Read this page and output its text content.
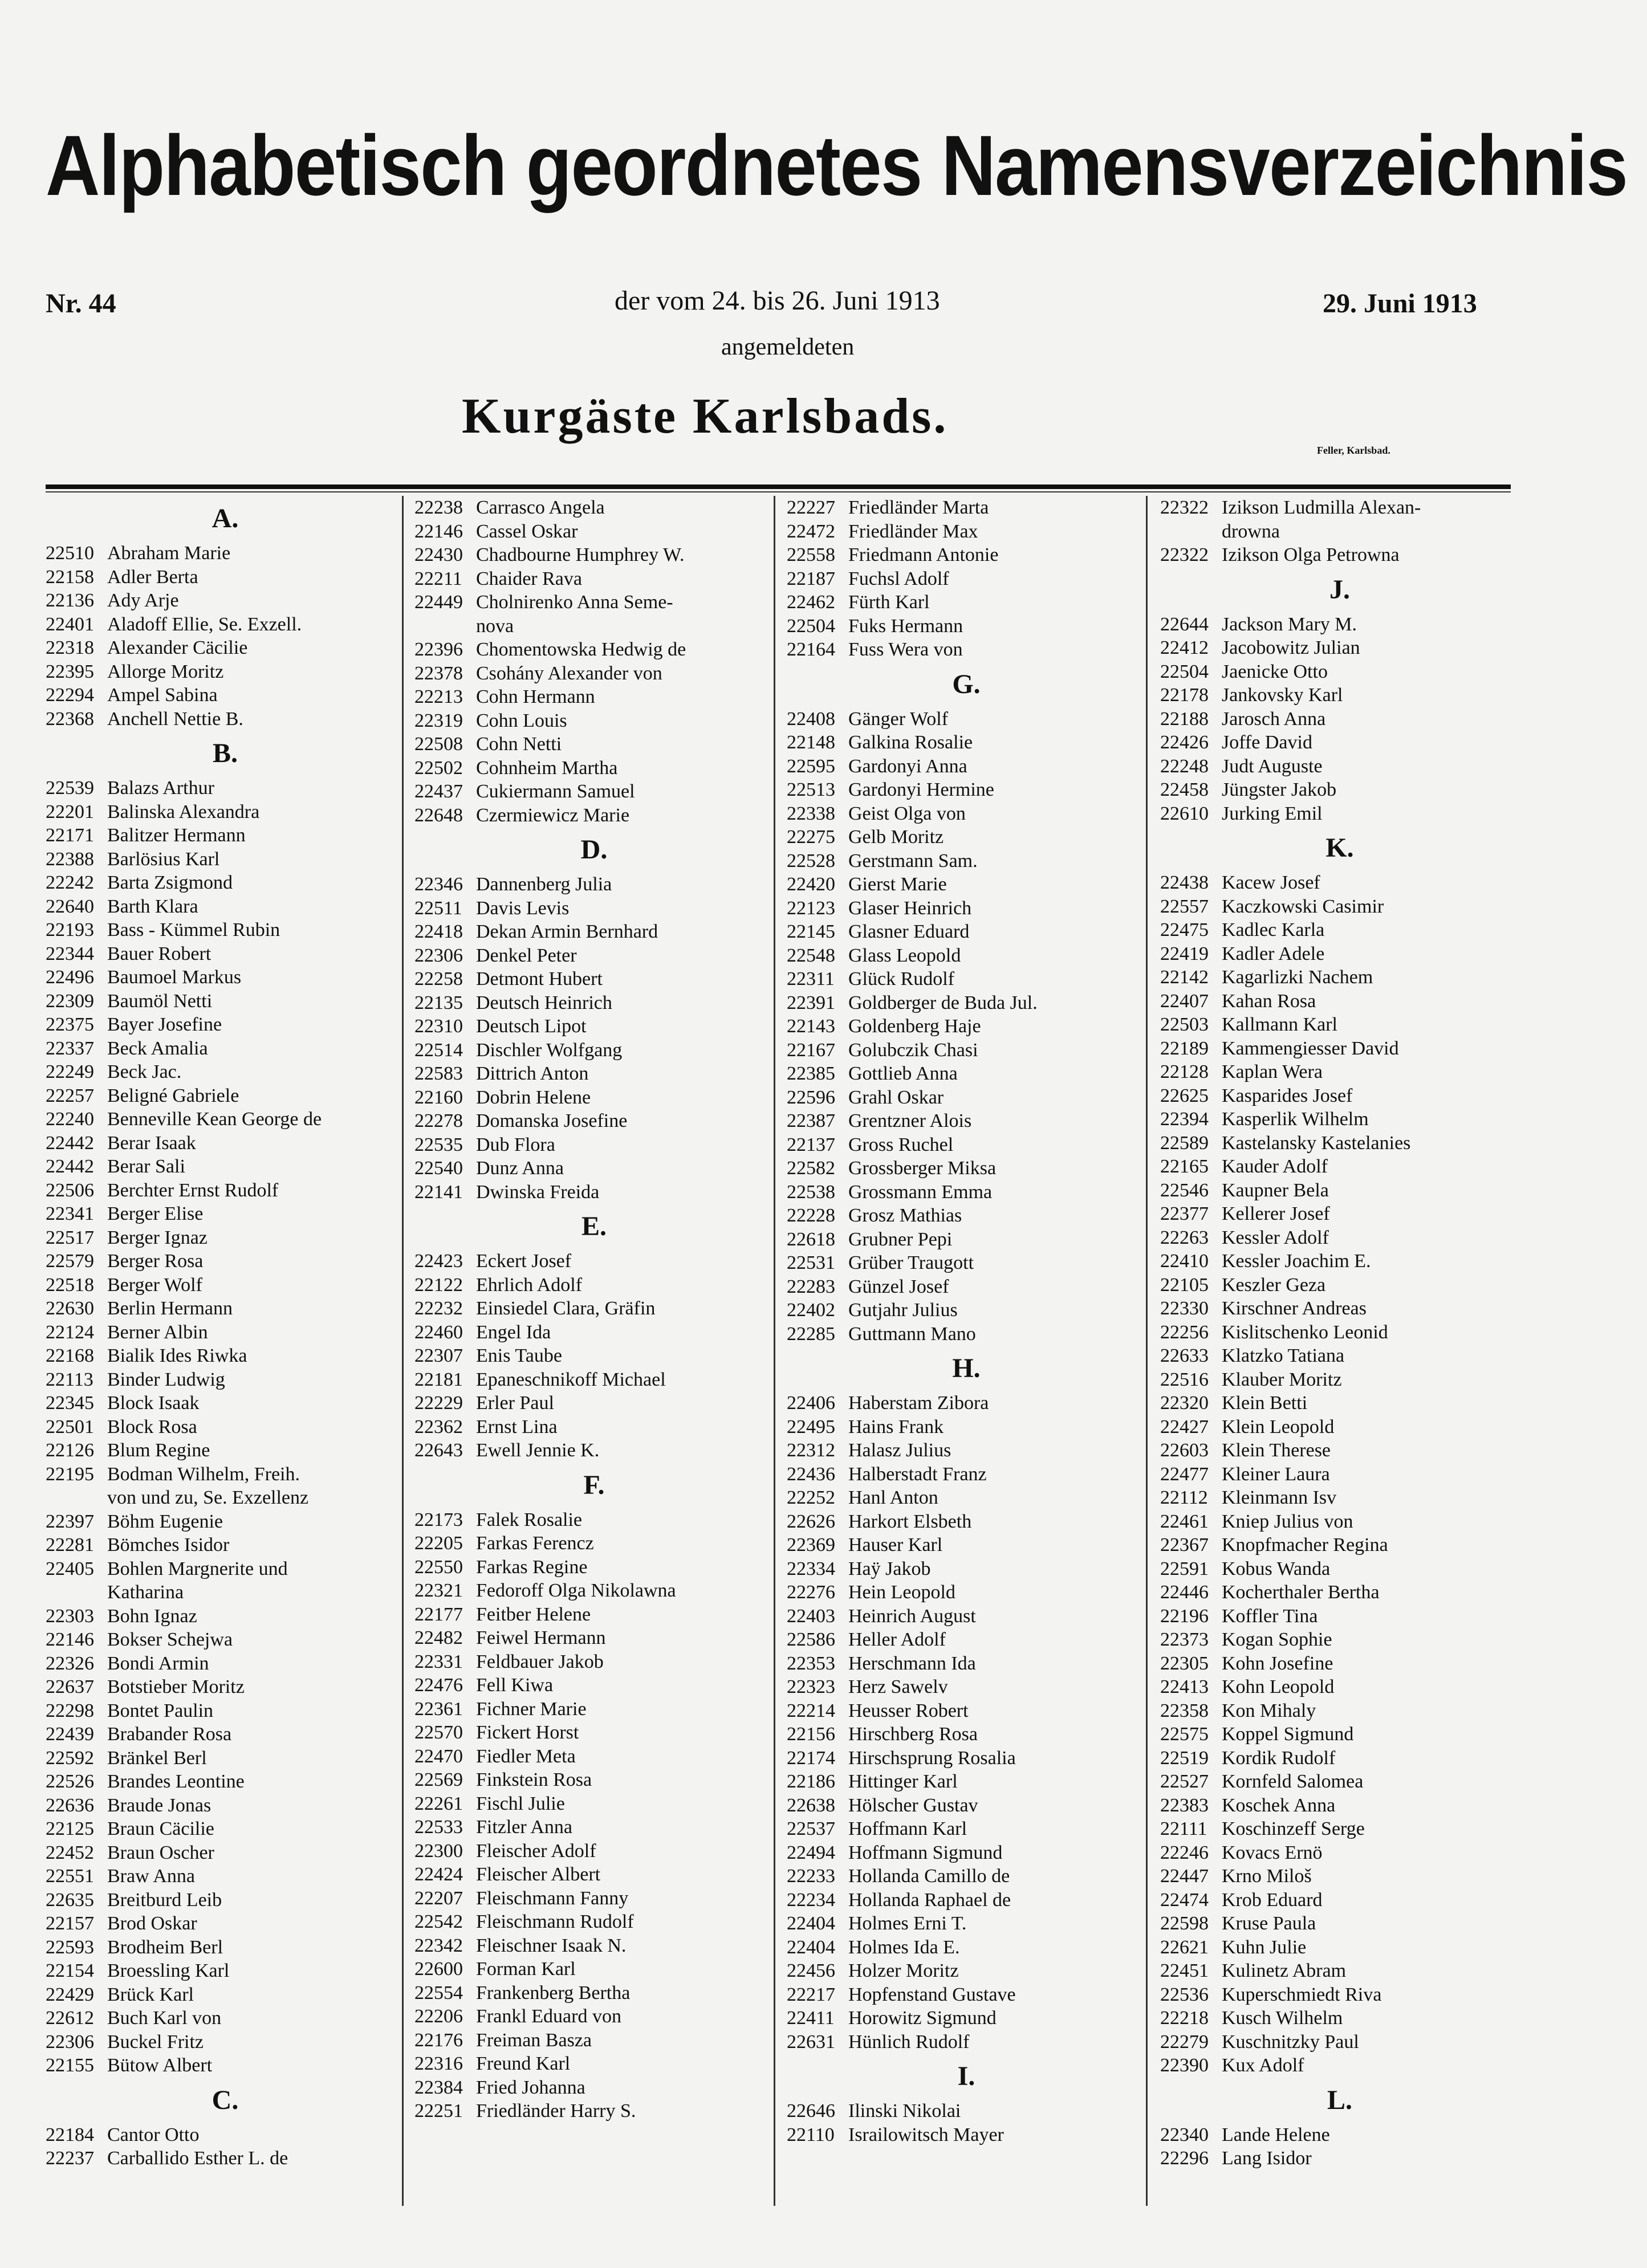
Alphabetisch geordnetes Namensverzeichnis
Nr. 44	der vom 24. bis 26. Juni 1913	29. Juni 1913
angemeldeten
Kurgäste Karlsbads.
Feller, Karlsbad.
A.
22510 Abraham Marie
22158 Adler Berta
22136 Ady Arje
22401 Aladoff Ellie, Se. Exzell.
22318 Alexander Cäcilie
22395 Allorge Moritz
22294 Ampel Sabina
22368 Anchell Nettie B.
B.
22539 Balazs Arthur
22201 Balinska Alexandra
22171 Balitzer Hermann
22388 Barlösius Karl
22242 Barta Zsigmond
22640 Barth Klara
22193 Bass - Kümmel Rubin
22344 Bauer Robert
22496 Baumoel Markus
22309 Baumöl Netti
22375 Bayer Josefine
22337 Beck Amalia
22249 Beck Jac.
22257 Beligné Gabriele
22240 Benneville Kean George de
22442 Berar Isaak
22442 Berar Sali
22506 Berchter Ernst Rudolf
22341 Berger Elise
22517 Berger Ignaz
22579 Berger Rosa
22518 Berger Wolf
22630 Berlin Hermann
22124 Berner Albin
22168 Bialik Ides Riwka
22113 Binder Ludwig
22345 Block Isaak
22501 Block Rosa
22126 Blum Regine
22195 Bodman Wilhelm, Freih.
von und zu, Se. Exzellenz
22397 Böhm Eugenie
22281 Bömches Isidor
22405 Bohlen Margnerite und
Katharina
22303 Bohn Ignaz
22146 Bokser Schejwa
22326 Bondi Armin
22637 Botstieber Moritz
22298 Bontet Paulin
22439 Brabander Rosa
22592 Bränkel Berl
22526 Brandes Leontine
22636 Braude Jonas
22125 Braun Cäcilie
22452 Braun Oscher
22551 Braw Anna
22635 Breitburd Leib
22157 Brod Oskar
22593 Brodheim Berl
22154 Broessling Karl
22429 Brück Karl
22612 Buch Karl von
22306 Buckel Fritz
22155 Bütow Albert
C.
22184 Cantor Otto
22237 Carballido Esther L. de
22238 Carrasco Angela
22146 Cassel Oskar
22430 Chadbourne Humphrey W.
22211 Chaider Rava
22449 Cholnirenko Anna Seme-
nova
22396 Chomentowska Hedwig de
22378 Csohány Alexander von
22213 Cohn Hermann
22319 Cohn Louis
22508 Cohn Netti
22502 Cohnheim Martha
22437 Cukiermann Samuel
22648 Czermiewicz Marie
D.
22346 Dannenberg Julia
22511 Davis Levis
22418 Dekan Armin Bernhard
22306 Denkel Peter
22258 Detmont Hubert
22135 Deutsch Heinrich
22310 Deutsch Lipot
22514 Dischler Wolfgang
22583 Dittrich Anton
22160 Dobrin Helene
22278 Domanska Josefine
22535 Dub Flora
22540 Dunz Anna
22141 Dwinska Freida
E.
22423 Eckert Josef
22122 Ehrlich Adolf
22232 Einsiedel Clara, Gräfin
22460 Engel Ida
22307 Enis Taube
22181 Epaneschnikoff Michael
22229 Erler Paul
22362 Ernst Lina
22643 Ewell Jennie K.
F.
22173 Falek Rosalie
22205 Farkas Ferencz
22550 Farkas Regine
22321 Fedoroff Olga Nikolawna
22177 Feitber Helene
22482 Feiwel Hermann
22331 Feldbauer Jakob
22476 Fell Kiwa
22361 Fichner Marie
22570 Fickert Horst
22470 Fiedler Meta
22569 Finkstein Rosa
22261 Fischl Julie
22533 Fitzler Anna
22300 Fleischer Adolf
22424 Fleischer Albert
22207 Fleischmann Fanny
22542 Fleischmann Rudolf
22342 Fleischner Isaak N.
22600 Forman Karl
22554 Frankenberg Bertha
22206 Frankl Eduard von
22176 Freiman Basza
22316 Freund Karl
22384 Fried Johanna
22251 Friedländer Harry S.
22227 Friedländer Marta
22472 Friedländer Max
22558 Friedmann Antonie
22187 Fuchsl Adolf
22462 Fürth Karl
22504 Fuks Hermann
22164 Fuss Wera von
G.
22408 Gänger Wolf
22148 Galkina Rosalie
22595 Gardonyi Anna
22513 Gardonyi Hermine
22338 Geist Olga von
22275 Gelb Moritz
22528 Gerstmann Sam.
22420 Gierst Marie
22123 Glaser Heinrich
22145 Glasner Eduard
22548 Glass Leopold
22311 Glück Rudolf
22391 Goldberger de Buda Jul.
22143 Goldenberg Haje
22167 Golubczik Chasi
22385 Gottlieb Anna
22596 Grahl Oskar
22387 Grentzner Alois
22137 Gross Ruchel
22582 Grossberger Miksa
22538 Grossmann Emma
22228 Grosz Mathias
22618 Grubner Pepi
22531 Grüber Traugott
22283 Günzel Josef
22402 Gutjahr Julius
22285 Guttmann Mano
H.
22406 Haberstam Zibora
22495 Hains Frank
22312 Halasz Julius
22436 Halberstadt Franz
22252 Hanl Anton
22626 Harkort Elsbeth
22369 Hauser Karl
22334 Haÿ Jakob
22276 Hein Leopold
22403 Heinrich August
22586 Heller Adolf
22353 Herschmann Ida
22323 Herz Sawelv
22214 Heusser Robert
22156 Hirschberg Rosa
22174 Hirschsprung Rosalia
22186 Hittinger Karl
22638 Hölscher Gustav
22537 Hoffmann Karl
22494 Hoffmann Sigmund
22233 Hollanda Camillo de
22234 Hollanda Raphael de
22404 Holmes Erni T.
22404 Holmes Ida E.
22456 Holzer Moritz
22217 Hopfenstand Gustave
22411 Horowitz Sigmund
22631 Hünlich Rudolf
I.
22646 Ilinski Nikolai
22110 Israilowitsch Mayer
22322 Izikson Ludmilla Alexan-
drowna
22322 Izikson Olga Petrowna
J.
22644 Jackson Mary M.
22412 Jacobowitz Julian
22504 Jaenicke Otto
22178 Jankovsky Karl
22188 Jarosch Anna
22426 Joffe David
22248 Judt Auguste
22458 Jüngster Jakob
22610 Jurking Emil
K.
22438 Kacew Josef
22557 Kaczkowski Casimir
22475 Kadlec Karla
22419 Kadler Adele
22142 Kagarlizki Nachem
22407 Kahan Rosa
22503 Kallmann Karl
22189 Kammengiesser David
22128 Kaplan Wera
22625 Kasparides Josef
22394 Kasperlik Wilhelm
22589 Kastelansky Kastelanies
22165 Kauder Adolf
22546 Kaupner Bela
22377 Kellerer Josef
22263 Kessler Adolf
22410 Kessler Joachim E.
22105 Keszler Geza
22330 Kirschner Andreas
22256 Kislitschenko Leonid
22633 Klatzko Tatiana
22516 Klauber Moritz
22320 Klein Betti
22427 Klein Leopold
22603 Klein Therese
22477 Kleiner Laura
22112 Kleinmann Isv
22461 Kniep Julius von
22367 Knopfmacher Regina
22591 Kobus Wanda
22446 Kocherthaler Bertha
22196 Koffler Tina
22373 Kogan Sophie
22305 Kohn Josefine
22413 Kohn Leopold
22358 Kon Mihaly
22575 Koppel Sigmund
22519 Kordik Rudolf
22527 Kornfeld Salomea
22383 Koschek Anna
22111 Koschinzeff Serge
22246 Kovacs Ernö
22447 Krno Miloš
22474 Krob Eduard
22598 Kruse Paula
22621 Kuhn Julie
22451 Kulinetz Abram
22536 Kuperschmiedt Riva
22218 Kusch Wilhelm
22279 Kuschnitzky Paul
22390 Kux Adolf
L.
22340 Lande Helene
22296 Lang Isidor
